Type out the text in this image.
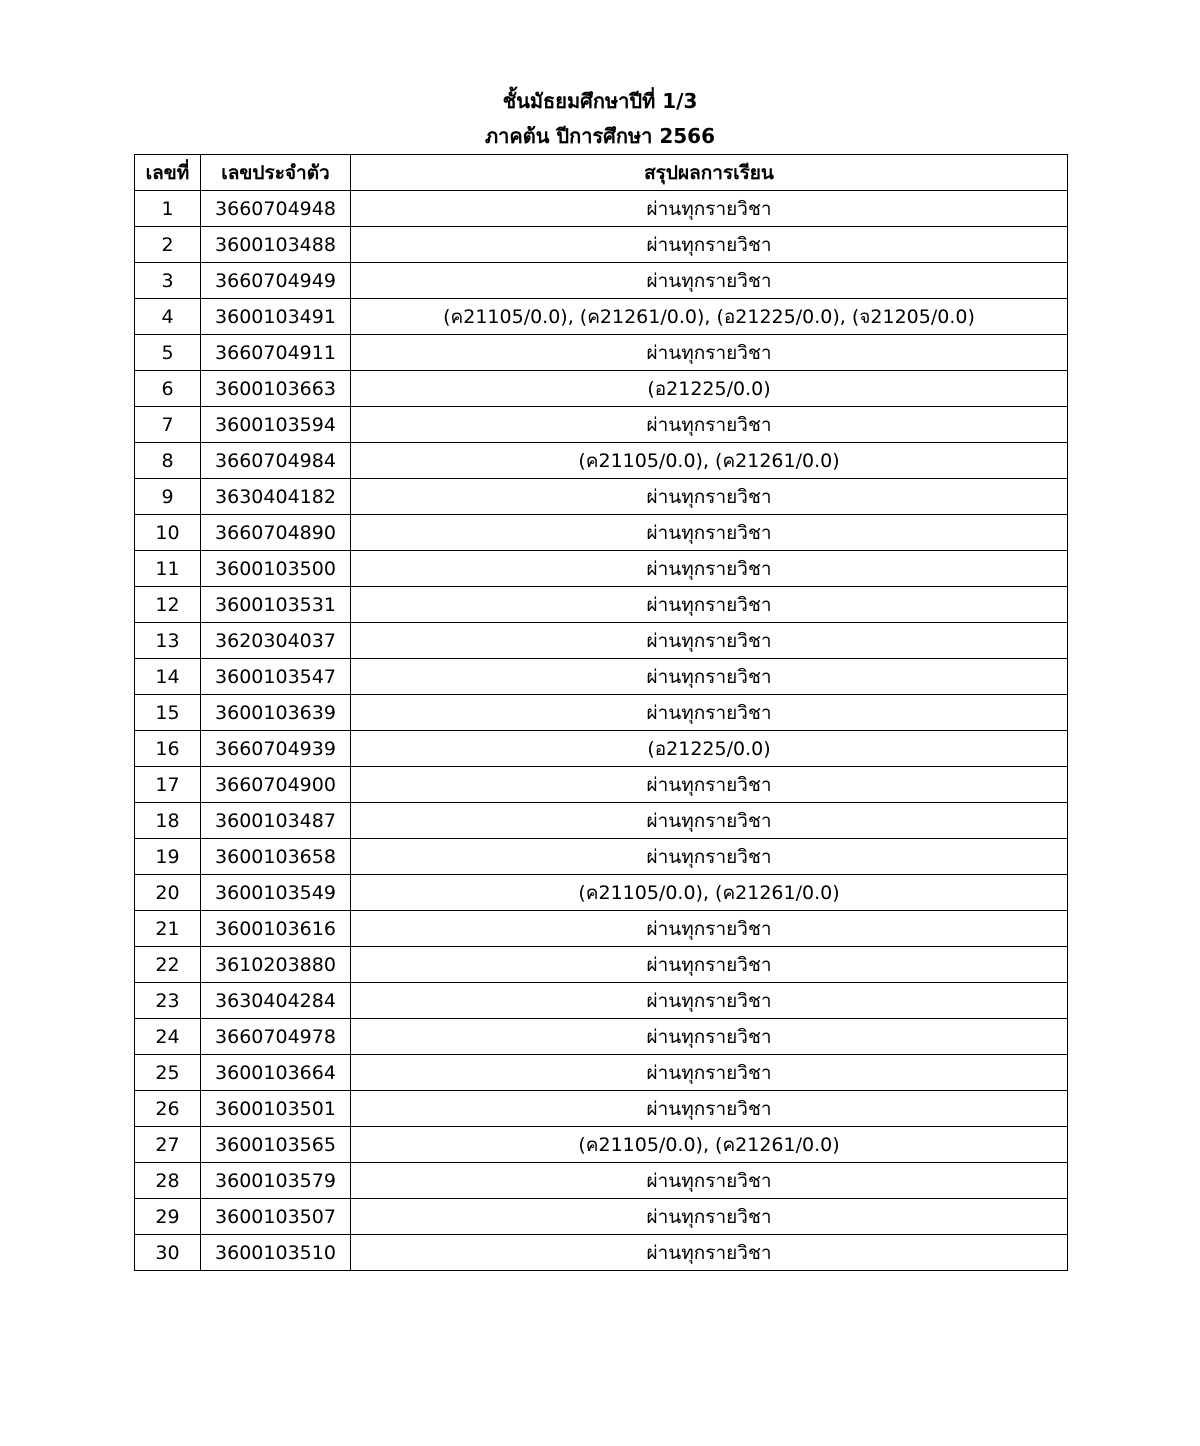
ชั้นมัธยมศึกษาปีที่ 1/3
ภาคต้น ปีการศึกษา 2566
เลขที่	เลขประจำตัว	สรุปผลการเรียน
1	3660704948	ผ่านทุกรายวิชา
2	3600103488	ผ่านทุกรายวิชา
3	3660704949	ผ่านทุกรายวิชา
4	3600103491	(ค21105/0.0), (ค21261/0.0), (อ21225/0.0), (จ21205/0.0)
5	3660704911	ผ่านทุกรายวิชา
6	3600103663	(อ21225/0.0)
7	3600103594	ผ่านทุกรายวิชา
8	3660704984	(ค21105/0.0), (ค21261/0.0)
9	3630404182	ผ่านทุกรายวิชา
10	3660704890	ผ่านทุกรายวิชา
11	3600103500	ผ่านทุกรายวิชา
12	3600103531	ผ่านทุกรายวิชา
13	3620304037	ผ่านทุกรายวิชา
14	3600103547	ผ่านทุกรายวิชา
15	3600103639	ผ่านทุกรายวิชา
16	3660704939	(อ21225/0.0)
17	3660704900	ผ่านทุกรายวิชา
18	3600103487	ผ่านทุกรายวิชา
19	3600103658	ผ่านทุกรายวิชา
20	3600103549	(ค21105/0.0), (ค21261/0.0)
21	3600103616	ผ่านทุกรายวิชา
22	3610203880	ผ่านทุกรายวิชา
23	3630404284	ผ่านทุกรายวิชา
24	3660704978	ผ่านทุกรายวิชา
25	3600103664	ผ่านทุกรายวิชา
26	3600103501	ผ่านทุกรายวิชา
27	3600103565	(ค21105/0.0), (ค21261/0.0)
28	3600103579	ผ่านทุกรายวิชา
29	3600103507	ผ่านทุกรายวิชา
30	3600103510	ผ่านทุกรายวิชา
